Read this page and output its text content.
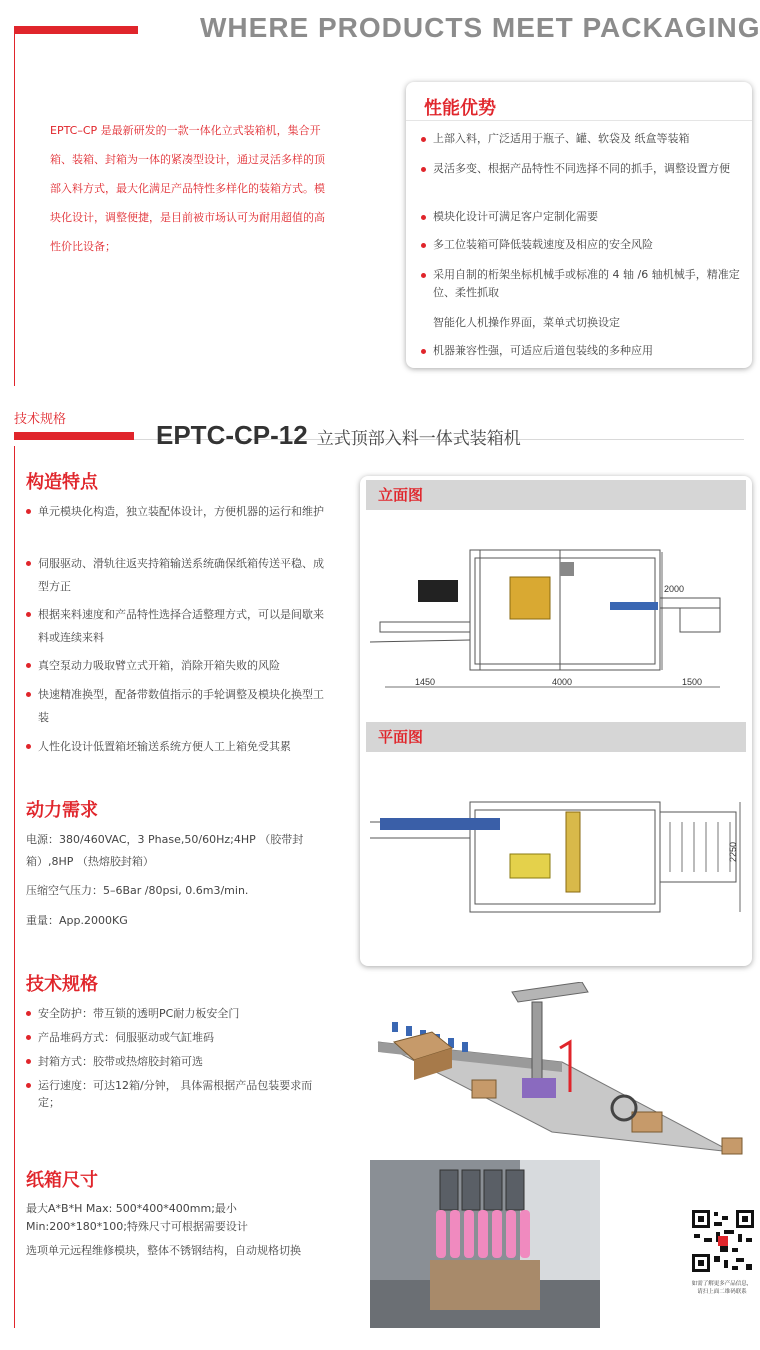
WHERE PRODUCTS MEET PACKAGING
EPTC–CP 是最新研发的一款一体化立式装箱机，集合开箱、装箱、封箱为一体的紧凑型设计，通过灵活多样的顶部入料方式，最大化满足产品特性多样化的装箱方式。模块化设计，调整便捷，是目前被市场认可为耐用超值的高性价比设备；
性能优势
上部入料，广泛适用于瓶子、罐、软袋及 纸盒等装箱
灵活多变、根据产品特性不同选择不同的抓手，调整设置方便
模块化设计可满足客户定制化需要
多工位装箱可降低装载速度及相应的安全风险
采用自制的桁架坐标机械手或标准的 4 轴 /6 轴机械手，精准定位、柔性抓取
智能化人机操作界面，菜单式切换设定
机器兼容性强，可适应后道包装线的多种应用
技术规格
EPTC-CP-12 立式顶部入料一体式装箱机
构造特点
单元模块化构造，独立装配体设计，方便机器的运行和维护
伺服驱动、滑轨往返夹持箱输送系统确保纸箱传送平稳、成型方正
根据来料速度和产品特性选择合适整理方式，可以是间歇来料或连续来料
真空泵动力吸取臂立式开箱，消除开箱失败的风险
快速精准换型，配备带数值指示的手轮调整及模块化换型工装
人性化设计低置箱坯输送系统方便人工上箱免受其累
动力需求
电源：380/460VAC，3 Phase,50/60Hz;4HP （胶带封箱）,8HP （热熔胶封箱）
压缩空气压力：5–6Bar /80psi, 0.6m3/min.
重量：App.2000KG
技术规格
安全防护：带互锁的透明PC耐力板安全门
产品堆码方式：伺服驱动或气缸堆码
封箱方式：胶带或热熔胶封箱可选
运行速度：可达12箱/分钟， 具体需根据产品包装要求而定；
纸箱尺寸
最大A*B*H Max: 500*400*400mm;最小 Min:200*180*100;特殊尺寸可根据需要设计
选项单元远程维修模块，整体不锈钢结构，自动规格切换
立面图
2000
1450	4000	1500
平面图
2250
如需了解更多产品信息，
请扫上面二维码联系
